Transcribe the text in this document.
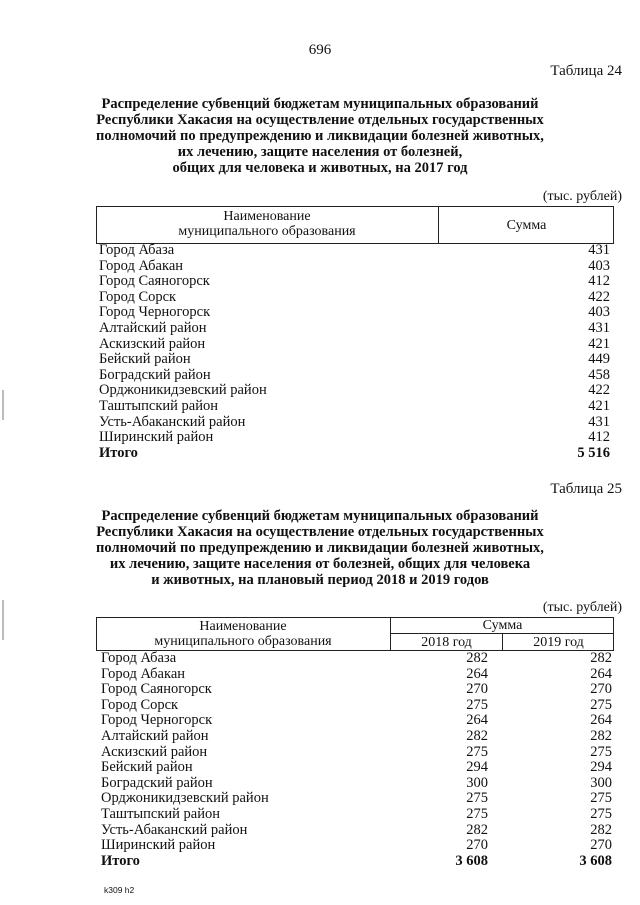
696
Таблица 24
Распределение субвенций бюджетам муниципальных образований
Республики Хакасия на осуществление отдельных государственных
полномочий по предупреждению и ликвидации болезней животных,
их лечению, защите населения от болезней,
общих для человека и животных, на 2017 год
(тыс. рублей)
Наименование
муниципального образования	Сумма
Город Абаза	431
Город Абакан	403
Город Саяногорск	412
Город Сорск	422
Город Черногорск	403
Алтайский район	431
Аскизский район	421
Бейский район	449
Боградский район	458
Орджоникидзевский район	422
Таштыпский район	421
Усть-Абаканский район	431
Ширинский район	412
Итого	5 516
Таблица 25
Распределение субвенций бюджетам муниципальных образований
Республики Хакасия на осуществление отдельных государственных
полномочий по предупреждению и ликвидации болезней животных,
их лечению, защите населения от болезней, общих для человека
и животных, на плановый период 2018 и 2019 годов
(тыс. рублей)
Наименование
муниципального образования
Сумма
2018 год	2019 год
Город Абаза	282	282
Город Абакан	264	264
Город Саяногорск	270	270
Город Сорск	275	275
Город Черногорск	264	264
Алтайский район	282	282
Аскизский район	275	275
Бейский район	294	294
Боградский район	300	300
Орджоникидзевский район	275	275
Таштыпский район	275	275
Усть-Абаканский район	282	282
Ширинский район	270	270
Итого	3 608	3 608
k309 h2
